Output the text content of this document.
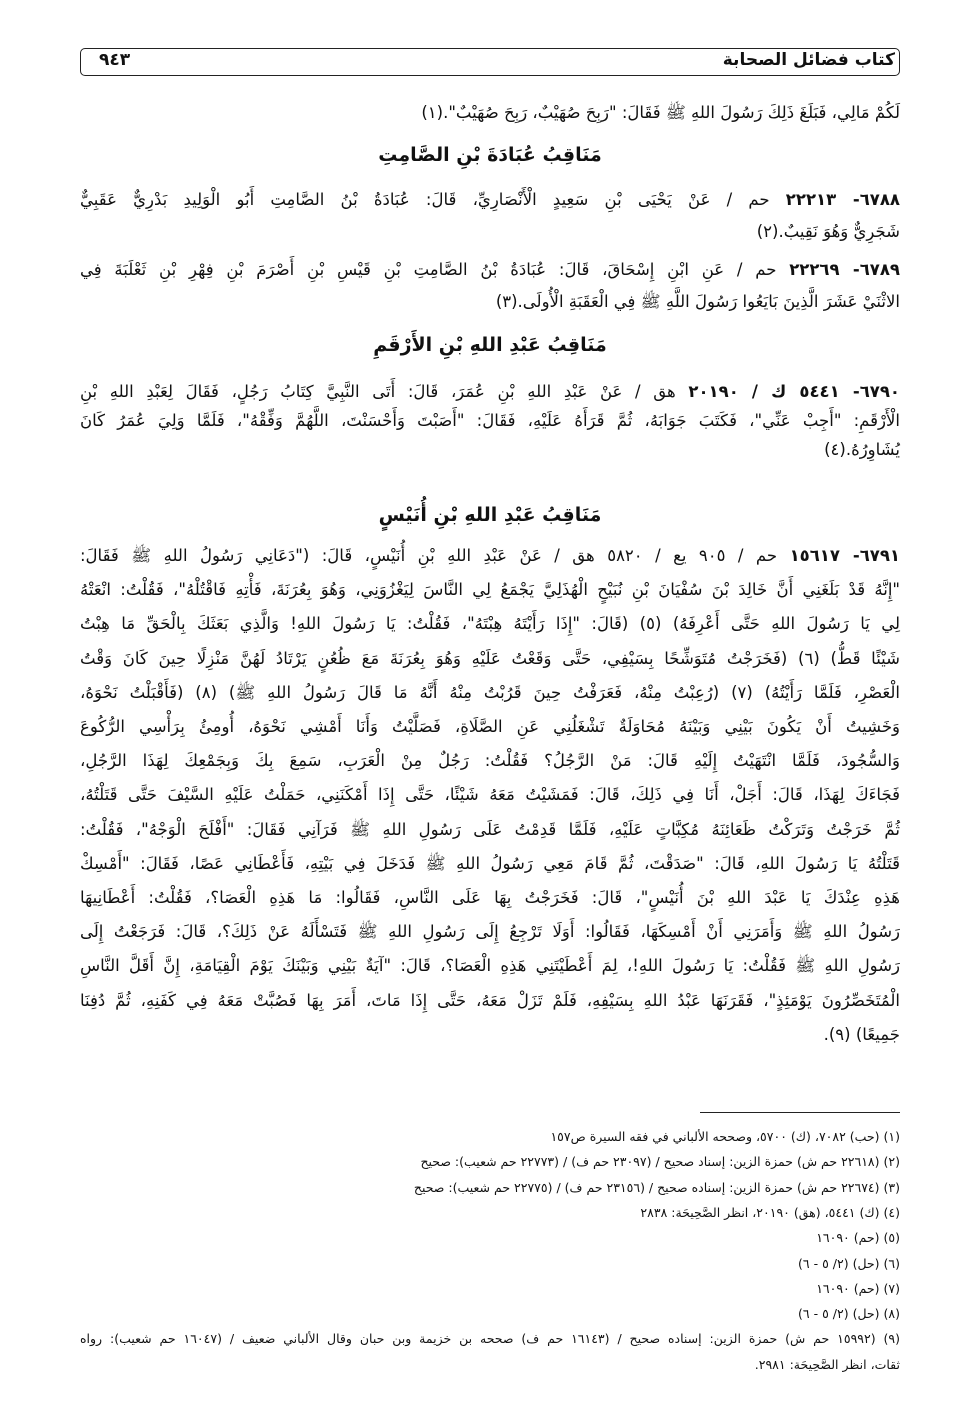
كتاب فضائل الصحابة
٩٤٣
لَكُمْ مَالِي، فَبَلَغَ ذَلِكَ رَسُولَ اللهِ ﷺ فَقَالَ: "رَبِحَ صُهَيْبٌ، رَبِحَ صُهَيْبٌ".(١)
مَنَاقِبُ عُبَادَةَ بْنِ الصَّامِتِ
٦٧٨٨- ٢٢٢١٣ حم / عَنْ يَحْيَى بْنِ سَعِيدٍ الْأَنْصَارِيِّ، قَالَ: عُبَادَةُ بْنُ الصَّامِتِ أَبُو الْوَلِيدِ بَدْرِيٌّ عَقَبِيٌّ
شَجَرِيٌّ وَهُوَ نَقِيبٌ.(٢)
٦٧٨٩- ٢٢٢٦٩ حم / عَنِ ابْنِ إِسْحَاقَ، قَالَ: عُبَادَةُ بْنُ الصَّامِتِ بْنِ قَيْسِ بْنِ أَصْرَمَ بْنِ فِهْرِ بْنِ ثَعْلَبَةَ فِي
الاثْنَيْ عَشَرَ الَّذِينَ بَايَعُوا رَسُولَ اللَّهِ ﷺ فِي الْعَقَبَةِ الْأُولَى.(٣)
مَنَاقِبُ عَبْدِ اللهِ بْنِ الأَرْقَمِ
٦٧٩٠- ٥٤٤١ ك / ٢٠١٩٠ هق / عَنْ عَبْدِ اللهِ بْنِ عُمَرَ، قَالَ: أَتَى النَّبِيَّ كِتَابُ رَجُلٍ، فَقَالَ لِعَبْدِ اللهِ بْنِ
الْأَرْقَمِ: "أَجِبْ عَنِّي"، فَكَتَبَ جَوَابَهُ، ثُمَّ قَرَأَهُ عَلَيْهِ، فَقَالَ: "أَصَبْتَ وَأَحْسَنْتَ، اللَّهُمَّ وَفِّقْهُ"، فَلَمَّا وَلِيَ عُمَرُ كَانَ
يُشَاوِرُهُ.(٤)
مَنَاقِبُ عَبْدِ اللهِ بْنِ أُنَيْسٍ
٦٧٩١- ١٥٦١٧ حم / ٩٠٥ يع / ٥٨٢٠ هق / عَنْ عَبْدِ اللهِ بْنِ أُنَيْسٍ، قَالَ: ("دَعَانِي رَسُولُ اللهِ ﷺ فَقَالَ:
"إِنَّهُ قَدْ بَلَغَنِي أَنَّ خَالِدَ بْنَ سُفْيَانَ بْنِ نُبَيْحٍ الْهُذَلِيَّ يَجْمَعُ لِي النَّاسَ لِيَغْزُوَنِي، وَهُوَ بِعُرَنَةَ، فَأْتِهِ فَاقْتُلْهُ"، فَقُلْتُ: انْعَتْهُ
لِي يَا رَسُولَ اللهِ حَتَّى أَعْرِفَهُ) (٥) (قَالَ: "إِذَا رَأَيْتَهُ هِبْتَهُ"، فَقُلْتُ: يَا رَسُولَ اللهِ! وَالَّذِي بَعَثَكَ بِالْحَقِّ مَا هِبْتُ
شَيْئًا قَطُّ) (٦) (فَخَرَجْتُ مُتَوَشِّحًا بِسَيْفِي، حَتَّى وَقَعْتُ عَلَيْهِ وَهُوَ بِعُرَنَةَ مَعَ ظُعُنٍ يَرْتَادُ لَهُنَّ مَنْزِلًا حِينَ كَانَ وَقْتُ
الْعَصْرِ، فَلَمَّا رَأَيْتُهُ) (٧) (رُعِبْتُ مِنْهُ، فَعَرَفْتُ حِينَ قَرُبْتُ مِنْهُ أَنَّهُ مَا قَالَ رَسُولُ اللهِ ﷺ) (٨) (فَأَقْبَلْتُ نَحْوَهُ،
وَخَشِيتُ أَنْ يَكُونَ بَيْنِي وَبَيْنَهُ مُحَاوَلَةٌ تَشْغَلُنِي عَنِ الصَّلَاةِ، فَصَلَّيْتُ وَأَنَا أَمْشِي نَحْوَهُ، أُومِئُ بِرَأْسِي الرُّكُوعَ
وَالسُّجُودَ، فَلَمَّا انْتَهَيْتُ إِلَيْهِ قَالَ: مَنْ الرَّجُلُ؟ فَقُلْتُ: رَجُلٌ مِنْ الْعَرَبِ، سَمِعَ بِكَ وَبِجَمْعِكَ لِهَذَا الرَّجُلِ،
فَجَاءَكَ لِهَذَا، قَالَ: أَجَلْ، أَنَا فِي ذَلِكَ، قَالَ: فَمَشَيْتُ مَعَهُ شَيْئًا، حَتَّى إِذَا أَمْكَنَنِي، حَمَلْتُ عَلَيْهِ السَّيْفَ حَتَّى قَتَلْتُهُ،
ثُمَّ خَرَجْتُ وَتَرَكْتُ ظَعَائِنَهُ مُكِبَّاتٍ عَلَيْهِ، فَلَمَّا قَدِمْتُ عَلَى رَسُولِ اللهِ ﷺ فَرَآنِي فَقَالَ: "أَفْلَحَ الْوَجْهُ"، فَقُلْتُ:
قَتَلْتُهُ يَا رَسُولَ اللهِ، قَالَ: "صَدَقْتَ، ثُمَّ قَامَ مَعِي رَسُولُ اللهِ ﷺ فَدَخَلَ فِي بَيْتِهِ، فَأَعْطَانِي عَصًا، فَقَالَ: "أَمْسِكْ
هَذِهِ عِنْدَكَ يَا عَبْدَ اللهِ بْنَ أُنَيْسٍ"، قَالَ: فَخَرَجْتُ بِهَا عَلَى النَّاسِ، فَقَالُوا: مَا هَذِهِ الْعَصَا؟، فَقُلْتُ: أَعْطَانِيهَا
رَسُولُ اللهِ ﷺ وَأَمَرَنِي أَنْ أَمْسِكَهَا، فَقَالُوا: أَوَلَا تَرْجِعُ إِلَى رَسُولِ اللهِ ﷺ فَتَسْأَلَهُ عَنْ ذَلِكَ؟، قَالَ: فَرَجَعْتُ إِلَى
رَسُولِ اللهِ ﷺ فَقُلْتُ: يَا رَسُولَ اللهِ!، لِمَ أَعْطَيْتَنِي هَذِهِ الْعَصَا؟، قَالَ: "آيَةٌ بَيْنِي وَبَيْنَكَ يَوْمَ الْقِيَامَةِ، إِنَّ أَقَلَّ النَّاسِ
الْمُتَخَصِّرُونَ يَوْمَئِذٍ"، فَقَرَنَهَا عَبْدُ اللهِ بِسَيْفِهِ، فَلَمْ تَزَلْ مَعَهُ، حَتَّى إِذَا مَاتَ، أَمَرَ بِهَا فَصُبَّتْ مَعَهُ فِي كَفَنِهِ، ثُمَّ دُفِنَا
جَمِيعًا) (٩).
(١) (حب) ٧٠٨٢، (ك) ٥٧٠٠، وصححه الألباني في فقه السيرة ص١٥٧
(٢) (٢٢٦١٨ حم ش) حمزة الزين: إسناد صحيح / (٢٣٠٩٧ حم ف) / (٢٢٧٧٣ حم شعيب): صحيح
(٣) (٢٢٦٧٤ حم ش) حمزة الزين: إسناده صحيح / (٢٣١٥٦ حم ف) / (٢٢٧٧٥ حم شعيب): صحيح
(٤) (ك) ٥٤٤١، (هق) ٢٠١٩٠، انظر الصَّحِيحَة: ٢٨٣٨
(٥) (حم) ١٦٠٩٠
(٦) (حل) (٢/ ٥ - ٦)
(٧) (حم) ١٦٠٩٠
(٨) (حل) (٢/ ٥ - ٦)
(٩) (١٥٩٩٢ حم ش) حمزة الزين: إسناده صحيح / (١٦١٤٣ حم ف) صححه بن خزيمة وبن حبان وقال الألباني ضعيف / (١٦٠٤٧ حم شعيب): رواه
ثقات، انظر الصَّحِيحَة: ٢٩٨١.
